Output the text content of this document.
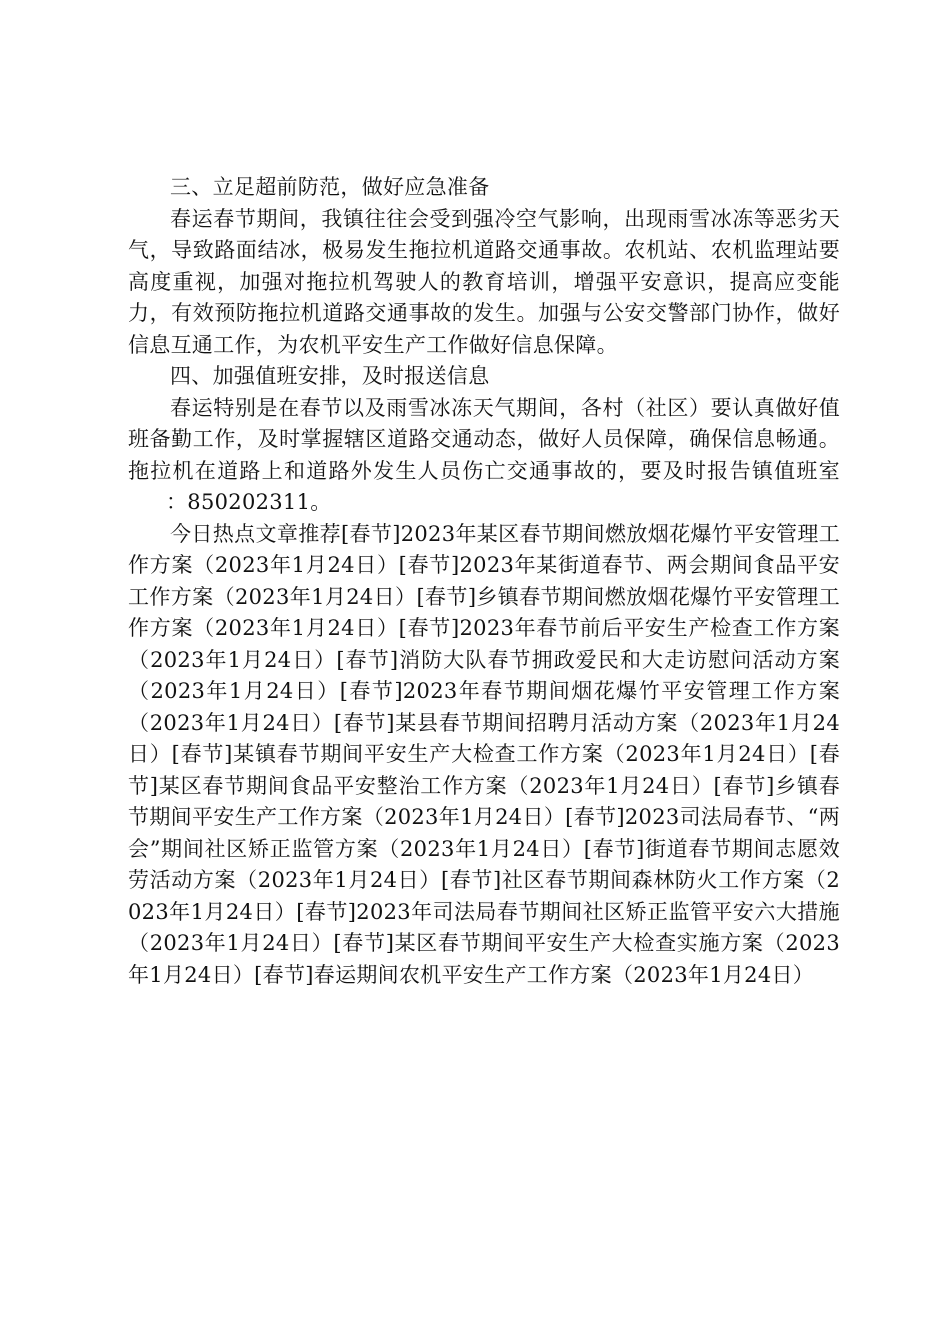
三、立足超前防范，做好应急准备

春运春节期间，我镇往往会受到强冷空气影响，出现雨雪冰冻等恶劣天气，导致路面结冰，极易发生拖拉机道路交通事故。农机站、农机监理站要高度重视，加强对拖拉机驾驶人的教育培训，增强平安意识，提高应变能力，有效预防拖拉机道路交通事故的发生。加强与公安交警部门协作，做好信息互通工作，为农机平安生产工作做好信息保障。

四、加强值班安排，及时报送信息

春运特别是在春节以及雨雪冰冻天气期间，各村（社区）要认真做好值班备勤工作，及时掌握辖区道路交通动态，做好人员保障，确保信息畅通。拖拉机在道路上和道路外发生人员伤亡交通事故的，要及时报告镇值班室：850202311。

今日热点文章推荐[春节]2023年某区春节期间燃放烟花爆竹平安管理工作方案（2023年1月24日）[春节]2023年某街道春节、两会期间食品平安工作方案（2023年1月24日）[春节]乡镇春节期间燃放烟花爆竹平安管理工作方案（2023年1月24日）[春节]2023年春节前后平安生产检查工作方案（2023年1月24日）[春节]消防大队春节拥政爱民和大走访慰问活动方案（2023年1月24日）[春节]2023年春节期间烟花爆竹平安管理工作方案（2023年1月24日）[春节]某县春节期间招聘月活动方案（2023年1月24日）[春节]某镇春节期间平安生产大检查工作方案（2023年1月24日）[春节]某区春节期间食品平安整治工作方案（2023年1月24日）[春节]乡镇春节期间平安生产工作方案（2023年1月24日）[春节]2023司法局春节、“两会”期间社区矫正监管方案（2023年1月24日）[春节]街道春节期间志愿效劳活动方案（2023年1月24日）[春节]社区春节期间森林防火工作方案（2023年1月24日）[春节]2023年司法局春节期间社区矫正监管平安六大措施（2023年1月24日）[春节]某区春节期间平安生产大检查实施方案（2023年1月24日）[春节]春运期间农机平安生产工作方案（2023年1月24日）
